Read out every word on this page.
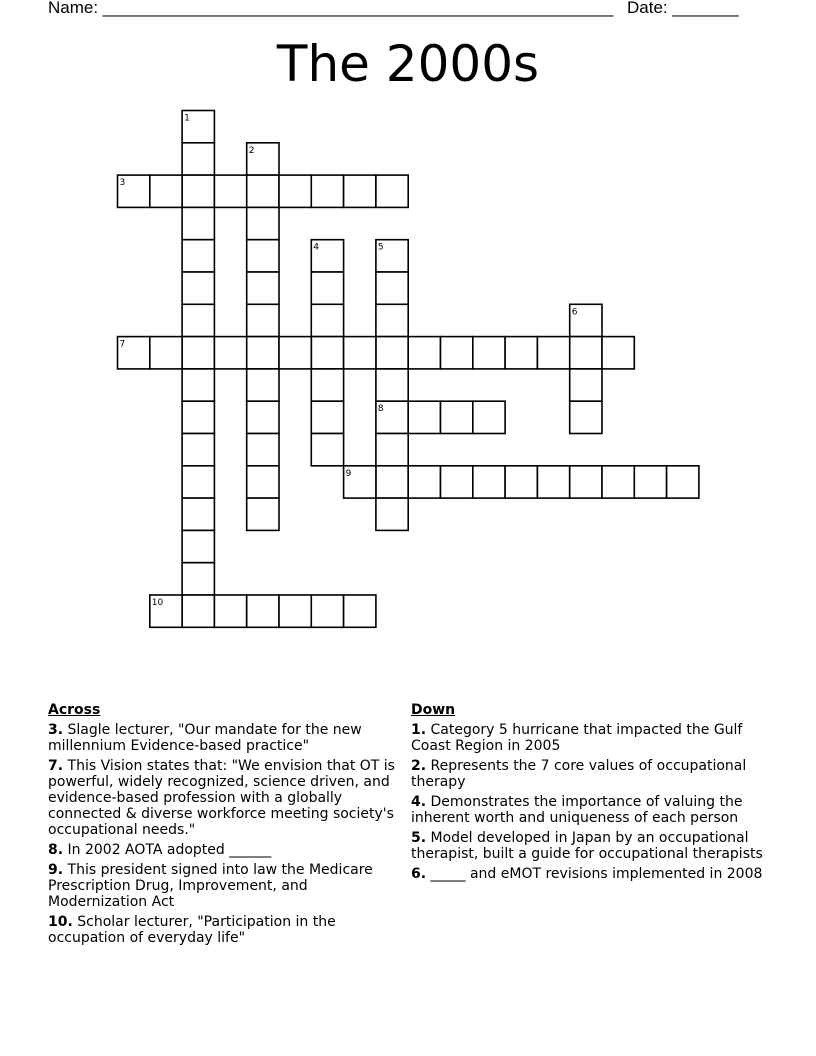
Name: ______________________________________________________ Date: _______
The 2000s
1
2
3
4	5
6
7
8
9
10
Across
3. Slagle lecturer, "Our mandate for the new millennium Evidence-based practice"
7. This Vision states that: "We envision that OT is powerful, widely recognized, science driven, and evidence-based profession with a globally connected & diverse workforce meeting society's occupational needs."
8. In 2002 AOTA adopted ______
9. This president signed into law the Medicare Prescription Drug, Improvement, and Modernization Act
10. Scholar lecturer, "Participation in the occupation of everyday life"
Down
1. Category 5 hurricane that impacted the Gulf Coast Region in 2005
2. Represents the 7 core values of occupational therapy
4. Demonstrates the importance of valuing the inherent worth and uniqueness of each person
5. Model developed in Japan by an occupational therapist, built a guide for occupational therapists
6. _____ and eMOT revisions implemented in 2008
